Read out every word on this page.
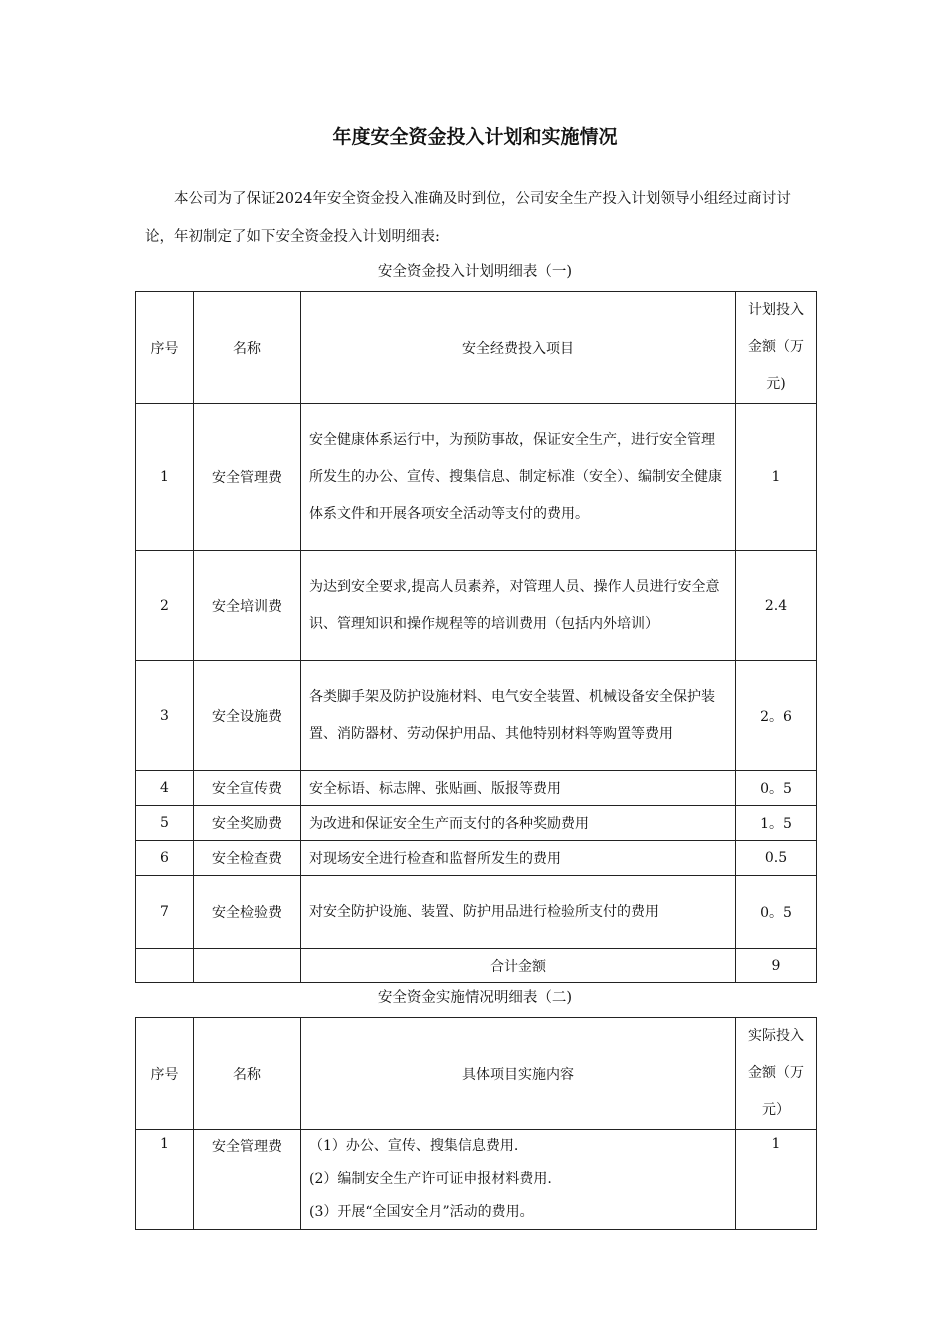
年度安全资金投入计划和实施情况

本公司为了保证2024年安全资金投入准确及时到位，公司安全生产投入计划领导小组经过商讨讨论，年初制定了如下安全资金投入计划明细表:

安全资金投入计划明细表（一)
序号	名称	安全经费投入项目	计划投入金额（万元)
1	安全管理费	安全健康体系运行中，为预防事故，保证安全生产，进行安全管理所发生的办公、宣传、搜集信息、制定标准（安全）、编制安全健康体系文件和开展各项安全活动等支付的费用。	1
2	安全培训费	为达到安全要求,提高人员素养，对管理人员、操作人员进行安全意识、管理知识和操作规程等的培训费用（包括内外培训）	2.4
3	安全设施费	各类脚手架及防护设施材料、电气安全装置、机械设备安全保护装置、消防器材、劳动保护用品、其他特别材料等购置等费用	2。6
4	安全宣传费	安全标语、标志牌、张贴画、版报等费用	0。5
5	安全奖励费	为改进和保证安全生产而支付的各种奖励费用	1。5
6	安全检查费	对现场安全进行检查和监督所发生的费用	0.5
7	安全检验费	对安全防护设施、装置、防护用品进行检验所支付的费用	0。5
		合计金额	9
安全资金实施情况明细表（二)
序号	名称	具体项目实施内容	实际投入金额（万元）
1	安全管理费	（1）办公、宣传、搜集信息费用.
(2）编制安全生产许可证申报材料费用.
(3）开展“全国安全月”活动的费用。	1
